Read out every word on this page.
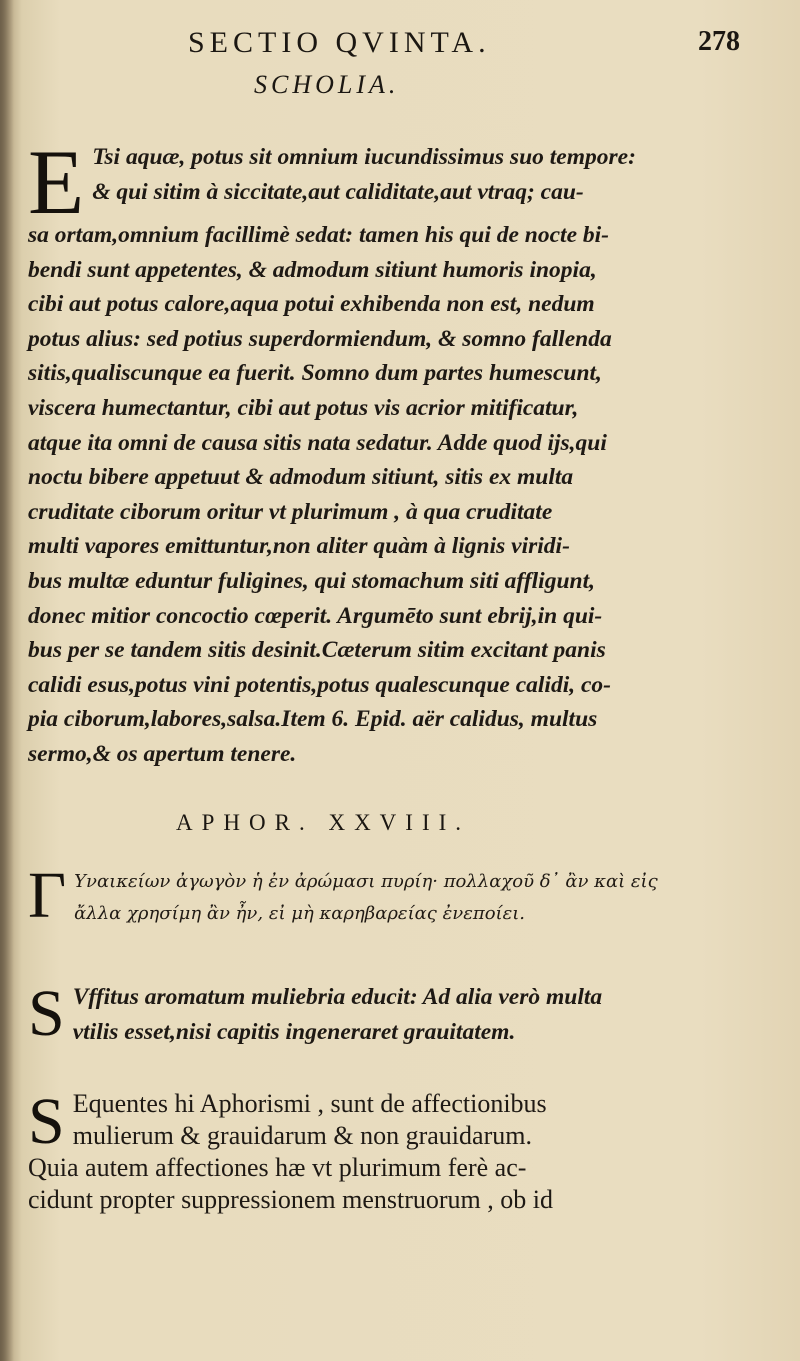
SECTIO QVINTA.	278
SCHOLIA.
E Tsi aquæ, potus sit omnium iucundissimus suo tempore:
& qui sitim à siccitate,aut caliditate,aut vtraq; cau-
sa ortam,omnium facillimè sedat: tamen his qui de nocte bi-
bendi sunt appetentes, & admodum sitiunt humoris inopia,
cibi aut potus calore,aqua potui exhibenda non est, nedum
potus alius: sed potius superdormiendum, & somno fallenda
sitis,qualiscunque ea fuerit. Somno dum partes humescunt,
viscera humectantur, cibi aut potus vis acrior mitificatur,
atque ita omni de causa sitis nata sedatur. Adde quod ijs,qui
noctu bibere appetuut & admodum sitiunt, sitis ex multa
cruditate ciborum oritur vt plurimum , à qua cruditate
multi vapores emittuntur,non aliter quàm à lignis viridi-
bus multæ eduntur fuligines, qui stomachum siti affligunt,
donec mitior concoctio cœperit. Argumēto sunt ebrij,in qui-
bus per se tandem sitis desinit.Cæterum sitim excitant panis
calidi esus,potus vini potentis,potus qualescunque calidi, co-
pia ciborum,labores,salsa.Item 6. Epid. aër calidus, multus
sermo,& os apertum tenere.
APHOR. XXVIII.
Γ Υναικείων ἀγωγὸν ἡ ἐν ἀρώμασι πυρίη· πολλαχοῦ δ᾽ ἂν καὶ εἰς
ἄλλα χρησίμη ἂν ἦν, εἰ μὴ καρηβαρείας ἐνεποίει.
S Vffitus aromatum muliebria educit: Ad alia verò multa
vtilis esset,nisi capitis ingeneraret grauitatem.
S Equentes hi Aphorismi , sunt de affectionibus
mulierum & grauidarum & non grauidarum.
Quia autem affectiones hæ vt plurimum ferè ac-
cidunt propter suppressionem menstruorum , ob id
